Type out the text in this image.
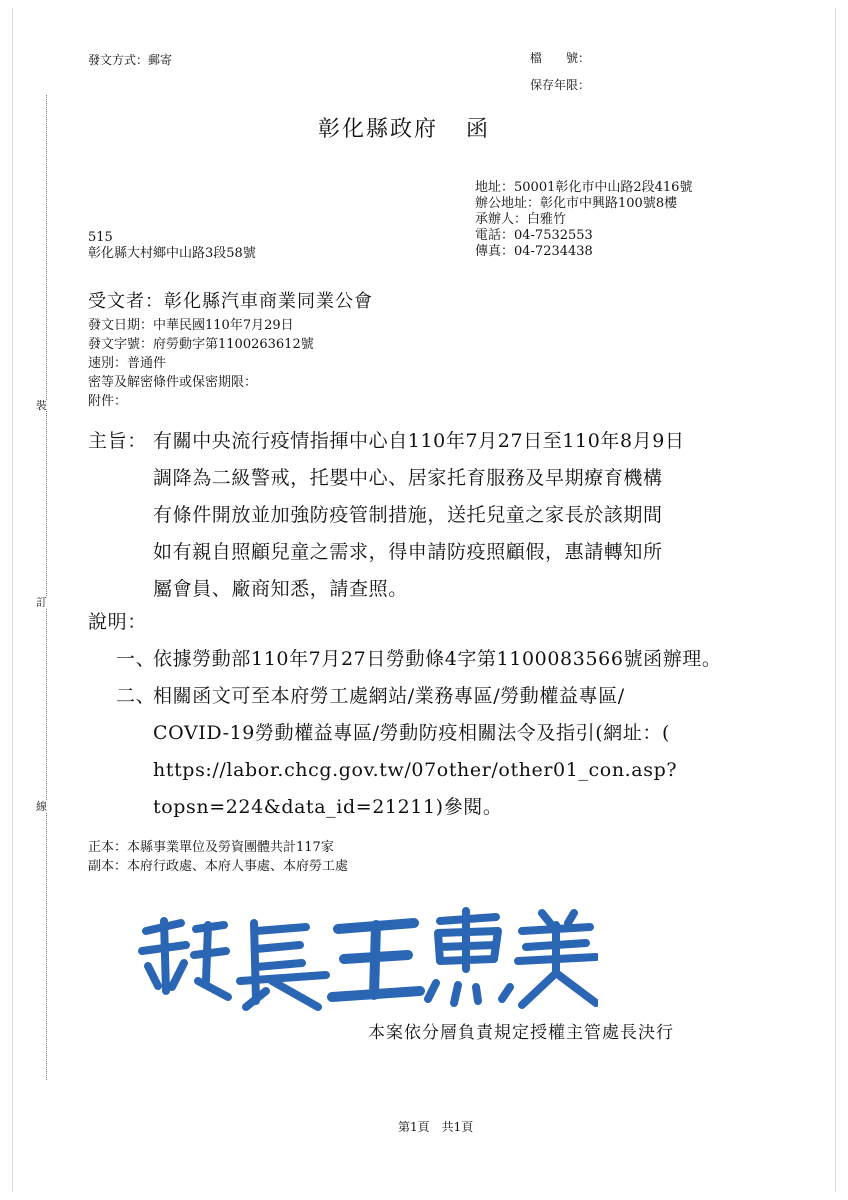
裝
訂
線
發文方式：郵寄	檔　　號：
保存年限：
彰化縣政府 函
地址：50001彰化市中山路2段416號
辦公地址：彰化市中興路100號8樓
承辦人：白雅竹
電話：04-7532553
傳真：04-7234438
515
彰化縣大村鄉中山路3段58號
受文者：彰化縣汽車商業同業公會
發文日期：中華民國110年7月29日
發文字號：府勞動字第1100263612號
速別：普通件
密等及解密條件或保密期限：
附件：
主旨： 有關中央流行疫情指揮中心自110年7月27日至110年8月9日
調降為二級警戒，托嬰中心、居家托育服務及早期療育機構
有條件開放並加強防疫管制措施，送托兒童之家長於該期間
如有親自照顧兒童之需求，得申請防疫照顧假，惠請轉知所
屬會員、廠商知悉，請查照。
說明：
一、
依據勞動部110年7月27日勞動條4字第1100083566號函辦理。
二、
相關函文可至本府勞工處網站/業務專區/勞動權益專區/
COVID-19勞動權益專區/勞動防疫相關法令及指引(網址：(
https://labor.chcg.gov.tw/07other/other01_con.asp?
topsn=224&data_id=21211)參閱。
正本：本縣事業單位及勞資團體共計117家
副本：本府行政處、本府人事處、本府勞工處
本案依分層負責規定授權主管處長決行
第1頁　共1頁
